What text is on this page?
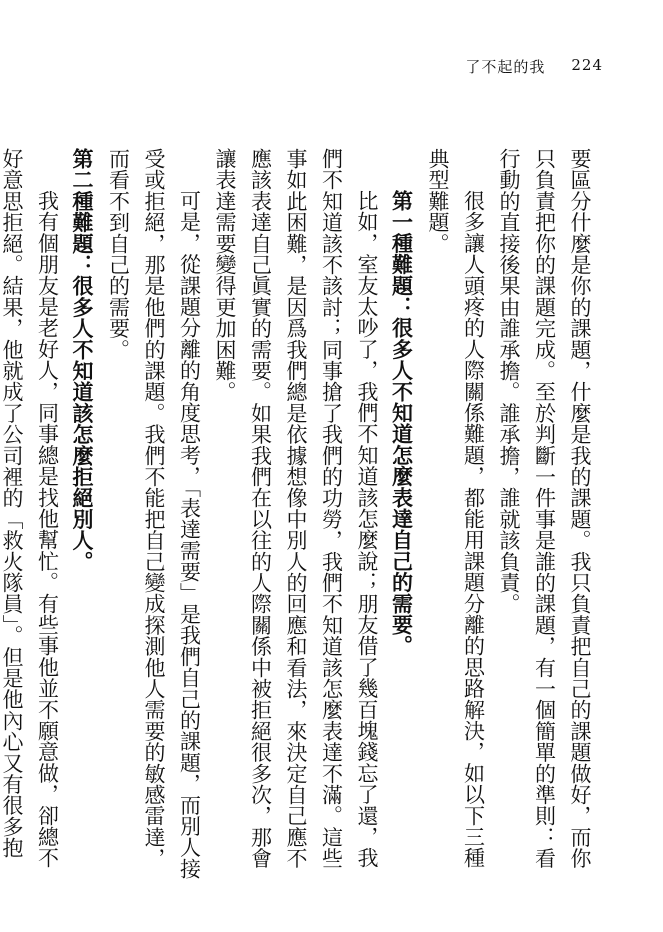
了不起的我 224

要區分什麼是你的課題，什麼是我的課題。我只負責把自己的課題做好，而你只負責把你的課題完成。至於判斷一件事是誰的課題，有一個簡單的準則：看行動的直接後果由誰承擔。誰承擔，誰就該負責。

很多讓人頭疼的人際關係難題，都能用課題分離的思路解決，如以下三種典型難題。

第一種難題：很多人不知道怎麼表達自己的需要。

比如，室友太吵了，我們不知道該怎麼說；朋友借了幾百塊錢忘了還，我們不知道該不該討；同事搶了我們的功勞，我們不知道該怎麼表達不滿。這些事如此困難，是因爲我們總是依據想像中別人的回應和看法，來決定自己應不應該表達自己眞實的需要。如果我們在以往的人際關係中被拒絕很多次，那會讓表達需要變得更加困難。

可是，從課題分離的角度思考，「表達需要」是我們自己的課題，而別人接受或拒絕，那是他們的課題。我們不能把自己變成探測他人需要的敏感雷達，而看不到自己的需要。

第二種難題：很多人不知道該怎麼拒絕別人。

我有個朋友是老好人，同事總是找他幫忙。有些事他並不願意做，卻總不好意思拒絕。結果，他就成了公司裡的「救火隊員」。但是他內心又有很多抱
